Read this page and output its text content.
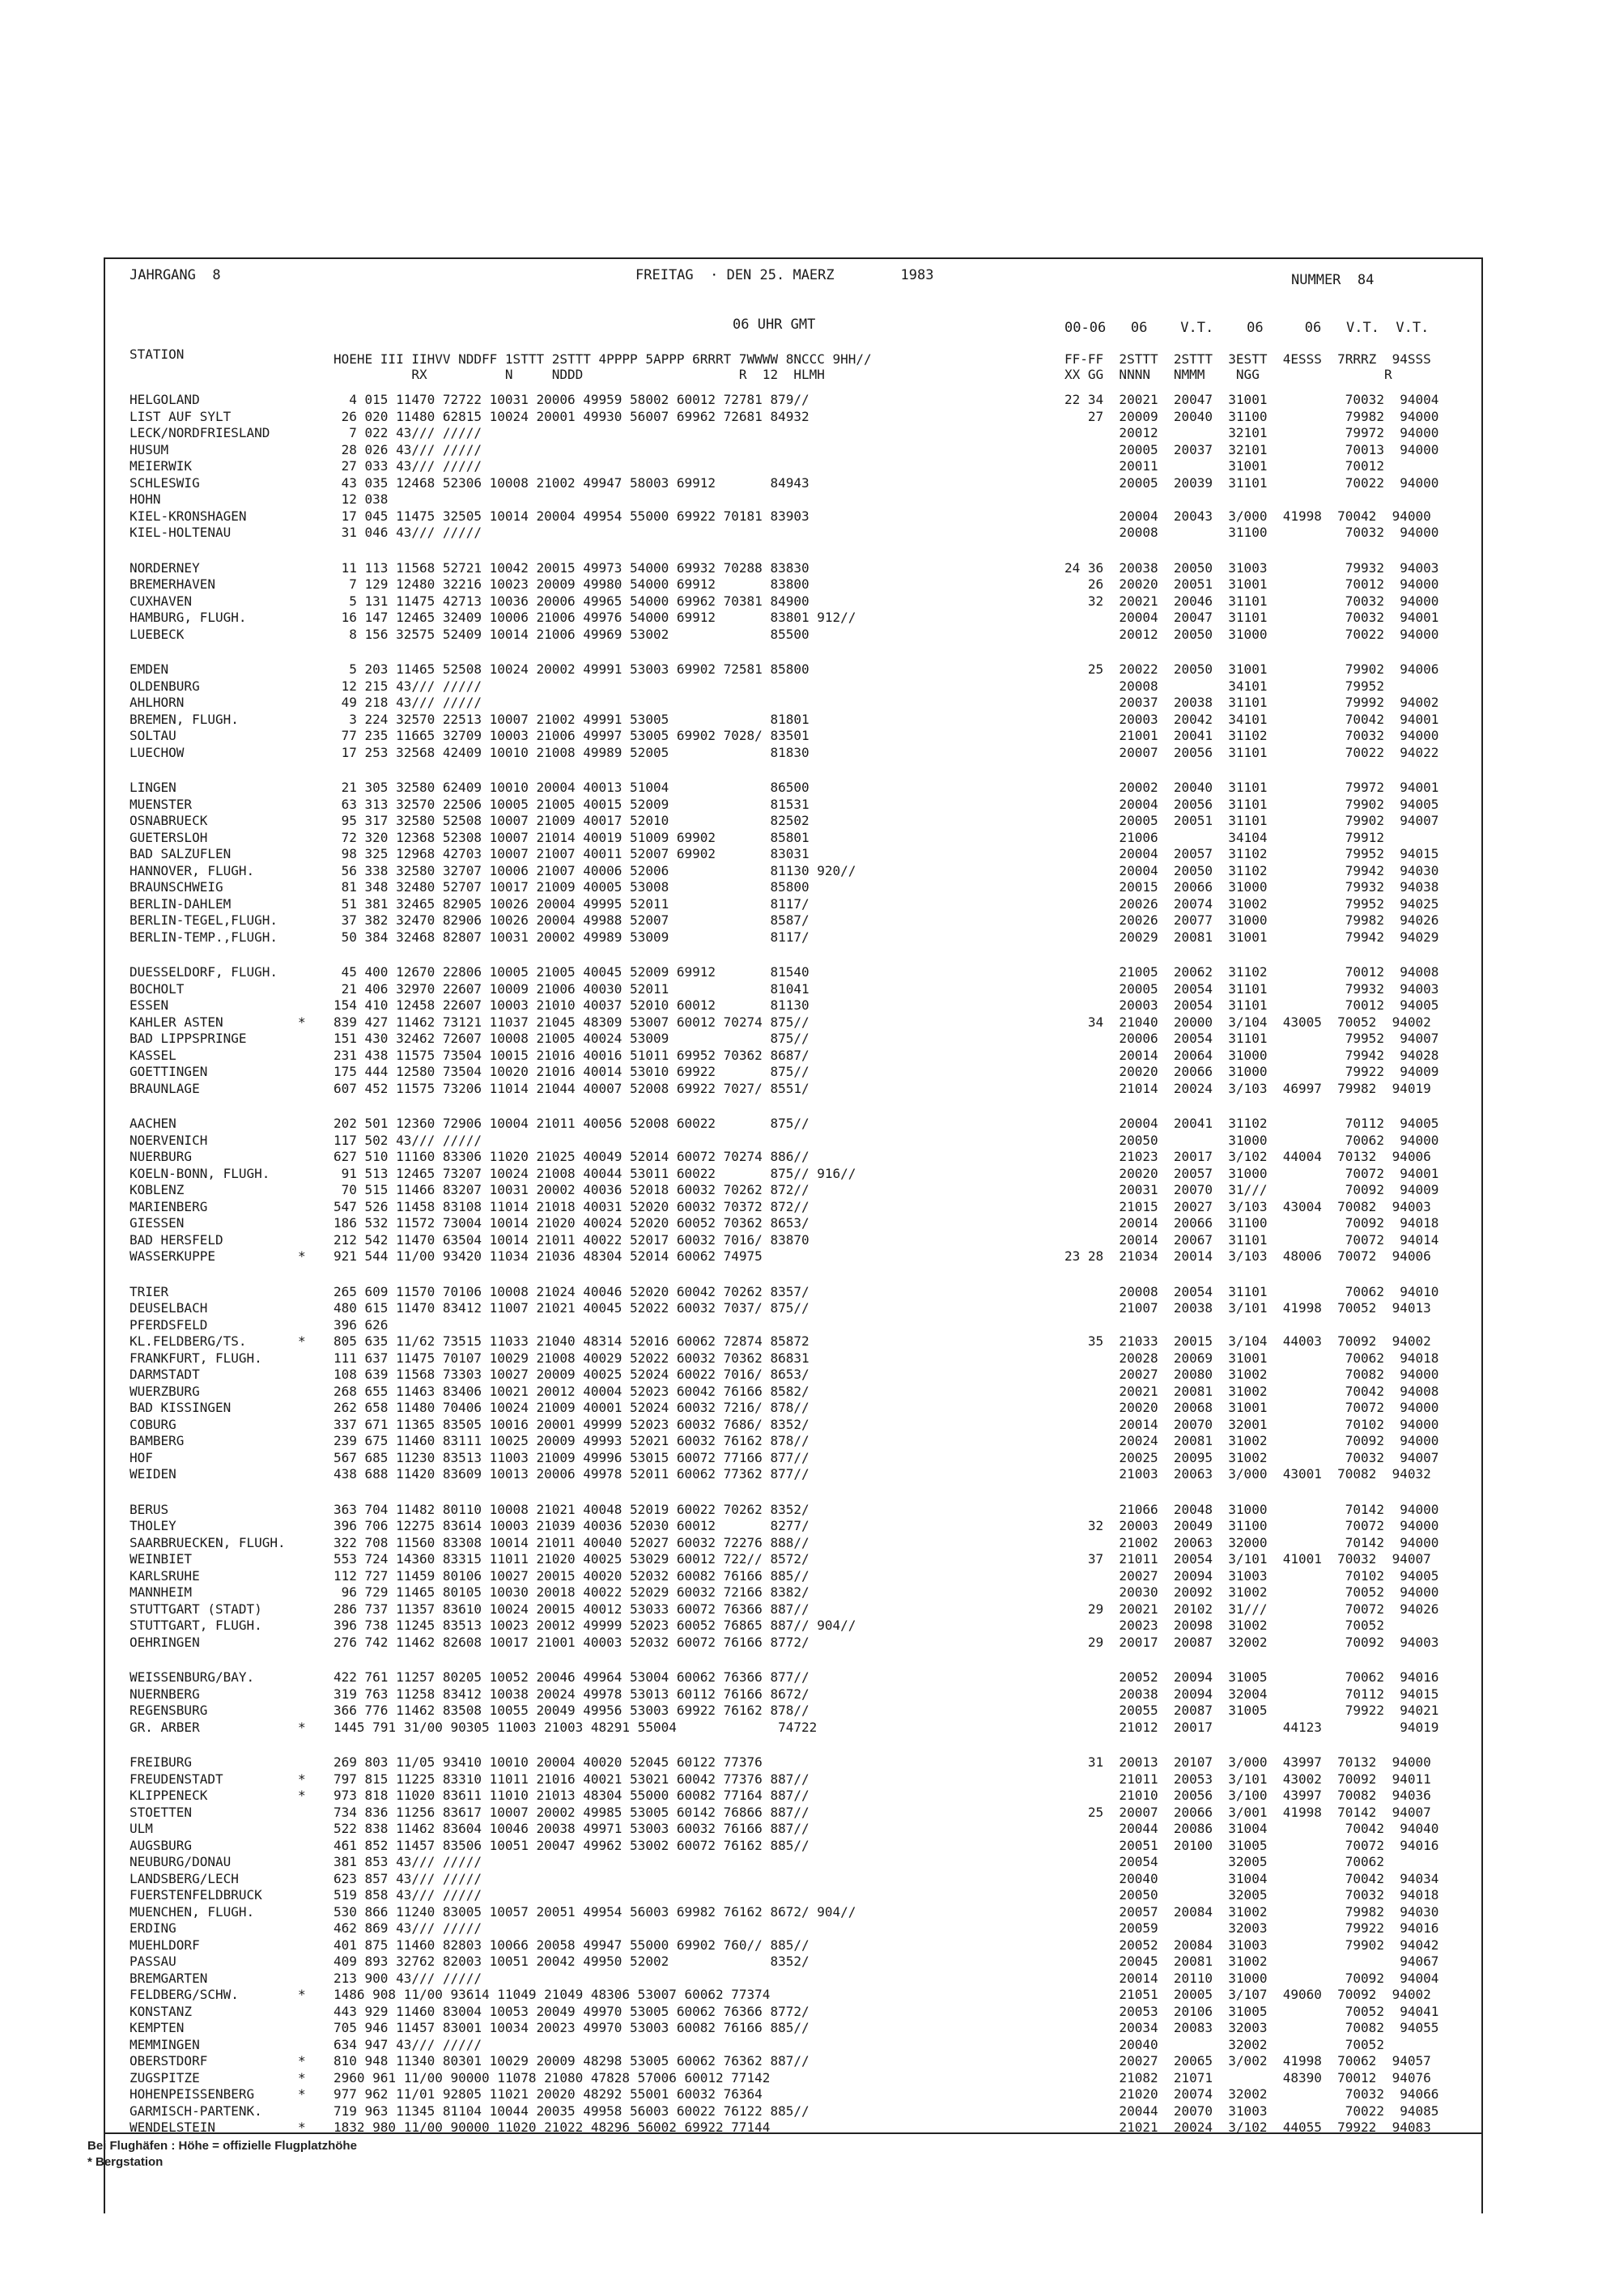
JAHRGANG  8	FREITAG  · DEN 25. MAERZ        1983	NUMMER  84
06 UHR GMT	00-06   06    V.T.    06     06   V.T.  V.T.
STATION	HOEHE III IIHVV NDDFF 1STTT 2STTT 4PPPP 5APPP 6RRRT 7WWWW 8NCCC 9HH//
RX          N     NDDD                    R  12  HLMH
FF-FF  2STTT  2STTT  3ESTT  4ESSS  7RRRZ  94SSS
XX GG  NNNN   NMMM    NGG                R
HELGOLAND	4 015 11470 72722 10031 20006 49959 58002 60012 72781 879//	22 34  20021  20047  31001          70032  94004
LIST AUF SYLT	26 020 11480 62815 10024 20001 49930 56007 69962 72681 84932	27  20009  20040  31100          79982  94000
LECK/NORDFRIESLAND	7 022 43/// /////	20012         32101          79972  94000
HUSUM	28 026 43/// /////	20005  20037  32101          70013  94000
MEIERWIK	27 033 43/// /////	20011         31001          70012
SCHLESWIG	43 035 12468 52306 10008 21002 49947 58003 69912       84943	20005  20039  31101          70022  94000
HOHN	12 038
KIEL-KRONSHAGEN	17 045 11475 32505 10014 20004 49954 55000 69922 70181 83903	20004  20043  3/000  41998  70042  94000
KIEL-HOLTENAU	31 046 43/// /////	20008         31100          70032  94000
NORDERNEY	11 113 11568 52721 10042 20015 49973 54000 69932 70288 83830	24 36  20038  20050  31003          79932  94003
BREMERHAVEN	7 129 12480 32216 10023 20009 49980 54000 69912       83800	26  20020  20051  31001          70012  94000
CUXHAVEN	5 131 11475 42713 10036 20006 49965 54000 69962 70381 84900	32  20021  20046  31101          70032  94000
HAMBURG, FLUGH.	16 147 12465 32409 10006 21006 49976 54000 69912       83801 912//	20004  20047  31101          70032  94001
LUEBECK	8 156 32575 52409 10014 21006 49969 53002             85500	20012  20050  31000          70022  94000
EMDEN	5 203 11465 52508 10024 20002 49991 53003 69902 72581 85800	25  20022  20050  31001          79902  94006
OLDENBURG	12 215 43/// /////	20008         34101          79952
AHLHORN	49 218 43/// /////	20037  20038  31101          79992  94002
BREMEN, FLUGH.	3 224 32570 22513 10007 21002 49991 53005             81801	20003  20042  34101          70042  94001
SOLTAU	77 235 11665 32709 10003 21006 49997 53005 69902 7028/ 83501	21001  20041  31102          70032  94000
LUECHOW	17 253 32568 42409 10010 21008 49989 52005             81830	20007  20056  31101          70022  94022
LINGEN	21 305 32580 62409 10010 20004 40013 51004             86500	20002  20040  31101          79972  94001
MUENSTER	63 313 32570 22506 10005 21005 40015 52009             81531	20004  20056  31101          79902  94005
OSNABRUECK	95 317 32580 52508 10007 21009 40017 52010             82502	20005  20051  31101          79902  94007
GUETERSLOH	72 320 12368 52308 10007 21014 40019 51009 69902       85801	21006         34104          79912
BAD SALZUFLEN	98 325 12968 42703 10007 21007 40011 52007 69902       83031	20004  20057  31102          79952  94015
HANNOVER, FLUGH.	56 338 32580 32707 10006 21007 40006 52006             81130 920//	20004  20050  31102          79942  94030
BRAUNSCHWEIG	81 348 32480 52707 10017 21009 40005 53008             85800	20015  20066  31000          79932  94038
BERLIN-DAHLEM	51 381 32465 82905 10026 20004 49995 52011             8117/	20026  20074  31002          79952  94025
BERLIN-TEGEL,FLUGH.	37 382 32470 82906 10026 20004 49988 52007             8587/	20026  20077  31000          79982  94026
BERLIN-TEMP.,FLUGH.	50 384 32468 82807 10031 20002 49989 53009             8117/	20029  20081  31001          79942  94029
DUESSELDORF, FLUGH.	45 400 12670 22806 10005 21005 40045 52009 69912       81540	21005  20062  31102          70012  94008
BOCHOLT	21 406 32970 22607 10009 21006 40030 52011             81041	20005  20054  31101          79932  94003
ESSEN	154 410 12458 22607 10003 21010 40037 52010 60012       81130	20003  20054  31101          70012  94005
KAHLER ASTEN	* 839 427 11462 73121 11037 21045 48309 53007 60012 70274 875//	34  21040  20000  3/104  43005  70052  94002
BAD LIPPSPRINGE	151 430 32462 72607 10008 21005 40024 53009             875//	20006  20054  31101          79952  94007
KASSEL	231 438 11575 73504 10015 21016 40016 51011 69952 70362 8687/	20014  20064  31000          79942  94028
GOETTINGEN	175 444 12580 73504 10020 21016 40014 53010 69922       875//	20020  20066  31000          79922  94009
BRAUNLAGE	607 452 11575 73206 11014 21044 40007 52008 69922 7027/ 8551/	21014  20024  3/103  46997  79982  94019
AACHEN	202 501 12360 72906 10004 21011 40056 52008 60022       875//	20004  20041  31102          70112  94005
NOERVENICH	117 502 43/// /////	20050         31000          70062  94000
NUERBURG	627 510 11160 83306 11020 21025 40049 52014 60072 70274 886//	21023  20017  3/102  44004  70132  94006
KOELN-BONN, FLUGH.	91 513 12465 73207 10024 21008 40044 53011 60022       875// 916//	20020  20057  31000          70072  94001
KOBLENZ	70 515 11466 83207 10031 20002 40036 52018 60032 70262 872//	20031  20070  31///          70092  94009
MARIENBERG	547 526 11458 83108 11014 21018 40031 52020 60032 70372 872//	21015  20027  3/103  43004  70082  94003
GIESSEN	186 532 11572 73004 10014 21020 40024 52020 60052 70362 8653/	20014  20066  31100          70092  94018
BAD HERSFELD	212 542 11470 63504 10014 21011 40022 52017 60032 7016/ 83870	20014  20067  31101          70072  94014
WASSERKUPPE	* 921 544 11/00 93420 11034 21036 48304 52014 60062 74975	23 28  21034  20014  3/103  48006  70072  94006
TRIER	265 609 11570 70106 10008 21024 40046 52020 60042 70262 8357/	20008  20054  31101          70062  94010
DEUSELBACH	480 615 11470 83412 11007 21021 40045 52022 60032 7037/ 875//	21007  20038  3/101  41998  70052  94013
PFERDSFELD	396 626
KL.FELDBERG/TS.	* 805 635 11/62 73515 11033 21040 48314 52016 60062 72874 85872	35  21033  20015  3/104  44003  70092  94002
FRANKFURT, FLUGH.	111 637 11475 70107 10029 21008 40029 52022 60032 70362 86831	20028  20069  31001          70062  94018
DARMSTADT	108 639 11568 73303 10027 20009 40025 52024 60022 7016/ 8653/	20027  20080  31002          70082  94000
WUERZBURG	268 655 11463 83406 10021 20012 40004 52023 60042 76166 8582/	20021  20081  31002          70042  94008
BAD KISSINGEN	262 658 11480 70406 10024 21009 40001 52024 60032 7216/ 878//	20020  20068  31001          70072  94000
COBURG	337 671 11365 83505 10016 20001 49999 52023 60032 7686/ 8352/	20014  20070  32001          70102  94000
BAMBERG	239 675 11460 83111 10025 20009 49993 52021 60032 76162 878//	20024  20081  31002          70092  94000
HOF	567 685 11230 83513 11003 21009 49996 53015 60072 77166 877//	20025  20095  31002          70032  94007
WEIDEN	438 688 11420 83609 10013 20006 49978 52011 60062 77362 877//	21003  20063  3/000  43001  70082  94032
BERUS	363 704 11482 80110 10008 21021 40048 52019 60022 70262 8352/	21066  20048  31000          70142  94000
THOLEY	396 706 12275 83614 10003 21039 40036 52030 60012       8277/	32  20003  20049  31100          70072  94000
SAARBRUECKEN, FLUGH.	322 708 11560 83308 10014 21011 40040 52027 60032 72276 888//	21002  20063  32000          70142  94000
WEINBIET	553 724 14360 83315 11011 21020 40025 53029 60012 722// 8572/	37  21011  20054  3/101  41001  70032  94007
KARLSRUHE	112 727 11459 80106 10027 20015 40020 52032 60082 76166 885//	20027  20094  31003          70102  94005
MANNHEIM	96 729 11465 80105 10030 20018 40022 52029 60032 72166 8382/	20030  20092  31002          70052  94000
STUTTGART (STADT)	286 737 11357 83610 10024 20015 40012 53033 60072 76366 887//	29  20021  20102  31///          70072  94026
STUTTGART, FLUGH.	396 738 11245 83513 10023 20012 49999 52023 60052 76865 887// 904//	20023  20098  31002          70052
OEHRINGEN	276 742 11462 82608 10017 21001 40003 52032 60072 76166 8772/	29  20017  20087  32002          70092  94003
WEISSENBURG/BAY.	422 761 11257 80205 10052 20046 49964 53004 60062 76366 877//	20052  20094  31005          70062  94016
NUERNBERG	319 763 11258 83412 10038 20024 49978 53013 60112 76166 8672/	20038  20094  32004          70112  94015
REGENSBURG	366 776 11462 83508 10055 20049 49956 53003 69922 76162 878//	20055  20087  31005          79922  94021
GR. ARBER	* 1445 791 31/00 90305 11003 21003 48291 55004             74722	21012  20017         44123          94019
FREIBURG	269 803 11/05 93410 10010 20004 40020 52045 60122 77376	31  20013  20107  3/000  43997  70132  94000
FREUDENSTADT	* 797 815 11225 83310 11011 21016 40021 53021 60042 77376 887//	21011  20053  3/101  43002  70092  94011
KLIPPENECK	* 973 818 11020 83611 11010 21013 48304 55000 60082 77164 887//	21010  20056  3/100  43997  70082  94036
STOETTEN	734 836 11256 83617 10007 20002 49985 53005 60142 76866 887//	25  20007  20066  3/001  41998  70142  94007
ULM	522 838 11462 83604 10046 20038 49971 53003 60032 76166 887//	20044  20086  31004          70042  94040
AUGSBURG	461 852 11457 83506 10051 20047 49962 53002 60072 76162 885//	20051  20100  31005          70072  94016
NEUBURG/DONAU	381 853 43/// /////	20054         32005          70062
LANDSBERG/LECH	623 857 43/// /////	20040         31004          70042  94034
FUERSTENFELDBRUCK	519 858 43/// /////	20050         32005          70032  94018
MUENCHEN, FLUGH.	530 866 11240 83005 10057 20051 49954 56003 69982 76162 8672/ 904//	20057  20084  31002          79982  94030
ERDING	462 869 43/// /////	20059         32003          79922  94016
MUEHLDORF	401 875 11460 82803 10066 20058 49947 55000 69902 760// 885//	20052  20084  31003          79902  94042
PASSAU	409 893 32762 82003 10051 20042 49950 52002             8352/	20045  20081  31002                 94067
BREMGARTEN	213 900 43/// /////	20014  20110  31000          70092  94004
FELDBERG/SCHW.	* 1486 908 11/00 93614 11049 21049 48306 53007 60062 77374	21051  20005  3/107  49060  70092  94002
KONSTANZ	443 929 11460 83004 10053 20049 49970 53005 60062 76366 8772/	20053  20106  31005          70052  94041
KEMPTEN	705 946 11457 83001 10034 20023 49970 53003 60082 76166 885//	20034  20083  32003          70082  94055
MEMMINGEN	634 947 43/// /////	20040         32002          70052
OBERSTDORF	* 810 948 11340 80301 10029 20009 48298 53005 60062 76362 887//	20027  20065  3/002  41998  70062  94057
ZUGSPITZE	* 2960 961 11/00 90000 11078 21080 47828 57006 60012 77142	21082  21071         48390  70012  94076
HOHENPEISSENBERG	* 977 962 11/01 92805 11021 20020 48292 55001 60032 76364	21020  20074  32002          70032  94066
GARMISCH-PARTENK.	719 963 11345 81104 10044 20035 49958 56003 60022 76122 885//	20044  20070  31003          70022  94085
WENDELSTEIN	* 1832 980 11/00 90000 11020 21022 48296 56002 69922 77144	21021  20024  3/102  44055  79922  94083
Bei Flughäfen : Höhe = offizielle Flugplatzhöhe
* Bergstation
